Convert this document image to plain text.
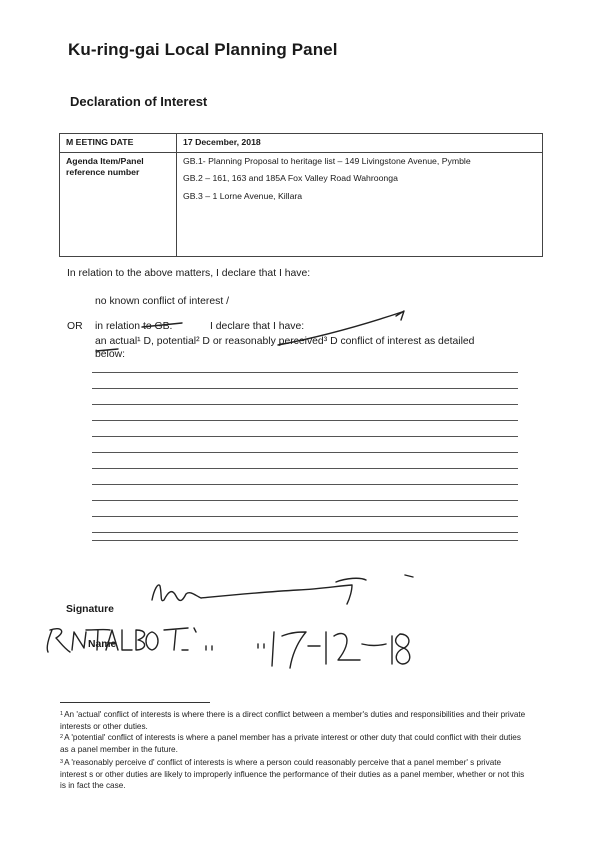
Ku-ring-gai Local Planning Panel
Declaration of Interest
M EETING DATE	17 December, 2018
Agenda Item/Panel reference number	GB.1- Planning Proposal to heritage list – 149 Livingstone Avenue, Pymble
GB.2 – 161, 163 and 185A Fox Valley Road Wahroonga
GB.3 – 1 Lorne Avenue, Killara
In relation to the above matters, I declare that I have:
no known conflict of interest /
OR in relation to GB.	I declare that I have:
an actual¹ D, potential² D or reasonably perceived³ D conflict of interest as detailed
below:
Signature
Name
$^1$An 'actual' conflict of interests is where there is a direct conflict between a member's duties and responsibilities and their private interests or other duties.
$^2$A 'potential' conflict of interests is where a panel member has a private interest or other duty that could conflict with their duties as a panel member in the future.
$^3$A 'reasonably perceive d' conflict of interests is where a person could reasonably perceive that a panel member' s private interest s or other duties are likely to improperly influence the performance of their duties as a panel member, whether or not this is in fact the case.
